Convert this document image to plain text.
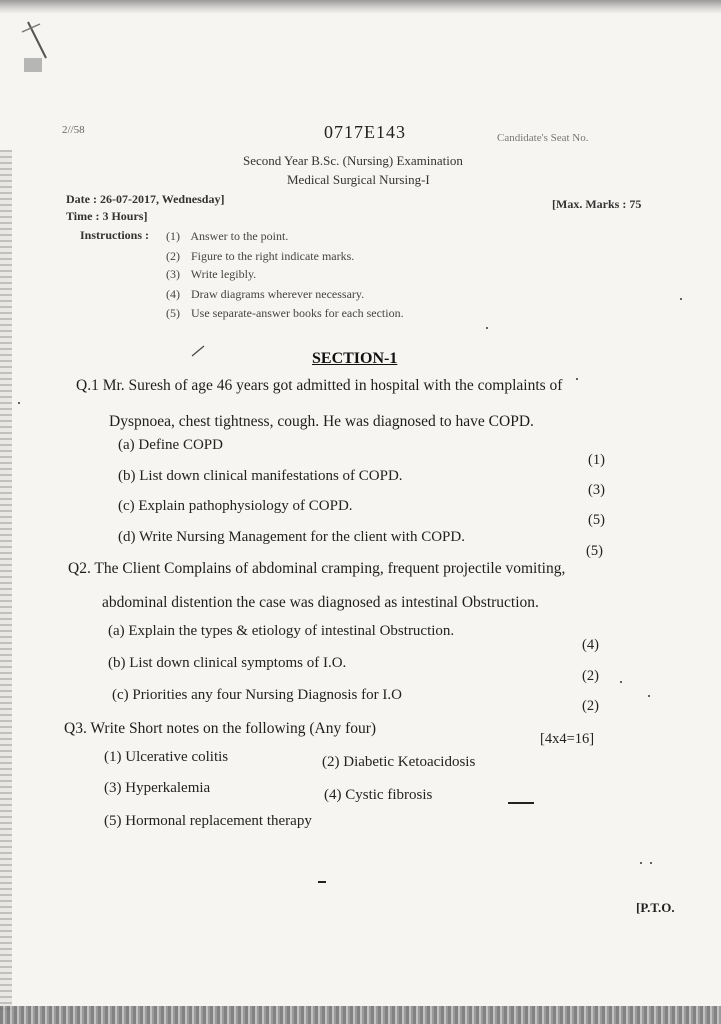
2//58	0717E143	Candidate's Seat No.
Second Year B.Sc. (Nursing) Examination
Medical Surgical Nursing-I
Date : 26-07-2017, Wednesday]
Time : 3 Hours]
[Max. Marks : 75
Instructions : (1) Answer to the point.
(2) Figure to the right indicate marks.
(3) Write legibly.
(4) Draw diagrams wherever necessary.
(5) Use separate-answer books for each section.
SECTION-1
Q.1 Mr. Suresh of age 46 years got admitted in hospital with the complaints of
Dyspnoea, chest tightness, cough. He was diagnosed to have COPD.
(a) Define COPD
(1)
(b) List down clinical manifestations of COPD.
(3)
(c) Explain pathophysiology of COPD.
(5)
(d) Write Nursing Management for the client with COPD.
(5)
Q2. The Client Complains of abdominal cramping, frequent projectile vomiting,
abdominal distention the case was diagnosed as intestinal Obstruction.
(a) Explain the types & etiology of intestinal Obstruction.
(4)
(b) List down clinical symptoms of I.O.
(2)
(c) Priorities any four Nursing Diagnosis for I.O
(2)
Q3. Write Short notes on the following (Any four)
[4x4=16]
(1) Ulcerative colitis	(2) Diabetic Ketoacidosis
(3) Hyperkalemia	(4) Cystic fibrosis
(5) Hormonal replacement therapy
[P.T.O.
